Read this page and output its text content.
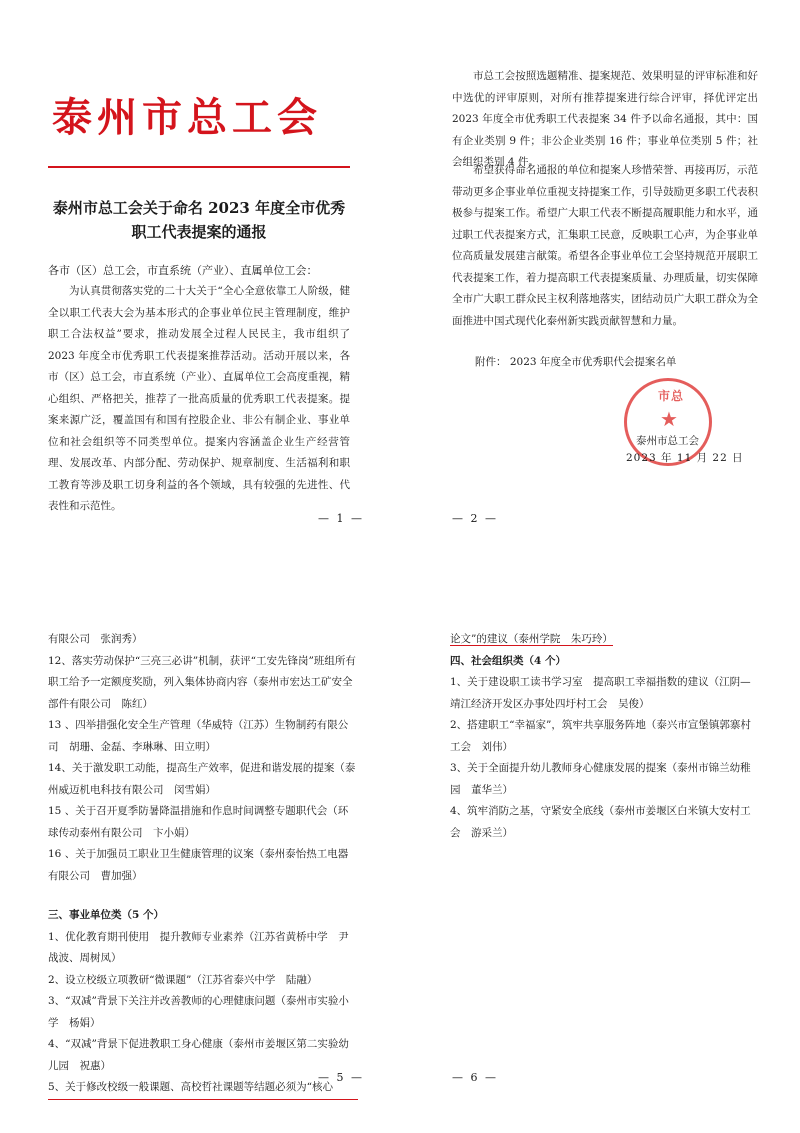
泰州市总工会
泰州市总工会关于命名 2023 年度全市优秀
职工代表提案的通报
各市（区）总工会，市直系统（产业）、直属单位工会：
为认真贯彻落实党的二十大关于“全心全意依靠工人阶级，健全以职工代表大会为基本形式的企事业单位民主管理制度，维护职工合法权益”要求，推动发展全过程人民民主，我市组织了 2023 年度全市优秀职工代表提案推荐活动。活动开展以来，各市（区）总工会，市直系统（产业）、直属单位工会高度重视，精心组织、严格把关，推荐了一批高质量的优秀职工代表提案。提案来源广泛，覆盖国有和国有控股企业、非公有制企业、事业单位和社会组织等不同类型单位。提案内容涵盖企业生产经营管理、发展改革、内部分配、劳动保护、规章制度、生活福利和职工教育等涉及职工切身利益的各个领域，具有较强的先进性、代表性和示范性。
— 1 —
市总工会按照选题精准、提案规范、效果明显的评审标准和好中选优的评审原则，对所有推荐提案进行综合评审，择优评定出 2023 年度全市优秀职工代表提案 34 件予以命名通报，其中：国有企业类别 9 件；非公企业类别 16 件；事业单位类别 5 件；社会组织类别 4 件。
希望获得命名通报的单位和提案人珍惜荣誉、再接再厉，示范带动更多企事业单位重视支持提案工作，引导鼓励更多职工代表积极参与提案工作。希望广大职工代表不断提高履职能力和水平，通过职工代表提案方式，汇集职工民意，反映职工心声，为企事业单位高质量发展建言献策。希望各企事业单位工会坚持规范开展职工代表提案工作，着力提高职工代表提案质量、办理质量，切实保障全市广大职工群众民主权利落地落实，团结动员广大职工群众为全面推进中国式现代化泰州新实践贡献智慧和力量。
附件： 2023 年度全市优秀职代会提案名单
市总
★
泰州市总工会
2023 年 11 月 22 日
— 2 —

有限公司　张润秀）

12、落实劳动保护“三亮三必讲”机制，获评“工安先锋岗”班组所有职工给予一定额度奖励，列入集体协商内容（泰州市宏达工矿安全部件有限公司　陈红）

13 、四举措强化安全生产管理（华威特（江苏）生物制药有限公司　胡珊、金磊、李琳琳、田立明）

14、关于激发职工动能，提高生产效率，促进和谐发展的提案（泰州威迈机电科技有限公司　闵雪娟）

15 、关于召开夏季防暑降温措施和作息时间调整专题职代会（环球传动泰州有限公司　卞小娟）

16 、关于加强员工职业卫生健康管理的议案（泰州泰怡热工电器有限公司　曹加强）

三、事业单位类（5 个）

1、优化教育期刊使用　提升教师专业素养（江苏省黄桥中学　尹战波、周树凤）

2、设立校级立项教研“微课题”（江苏省泰兴中学　陆融）

3、“双减”背景下关注并改善教师的心理健康问题（泰州市实验小学　杨娟）

4、“双减”背景下促进教职工身心健康（泰州市姜堰区第二实验幼儿园　祝惠）

5、关于修改校级一般课题、高校哲社课题等结题必须为“核心

— 5 —

论文”的建议（泰州学院　朱巧玲）

四、社会组织类（4 个）

1、关于建设职工读书学习室　提高职工幸福指数的建议（江阴—靖江经济开发区办事处四圩村工会　吴俊）

2、搭建职工“幸福家”，筑牢共享服务阵地（泰兴市宣堡镇郭寨村工会　刘伟）

3、关于全面提升幼儿教师身心健康发展的提案（泰州市锦兰幼稚园　董华兰）

4、筑牢消防之基，守紧安全底线（泰州市姜堰区白米镇大安村工会　游采兰）

— 6 —
